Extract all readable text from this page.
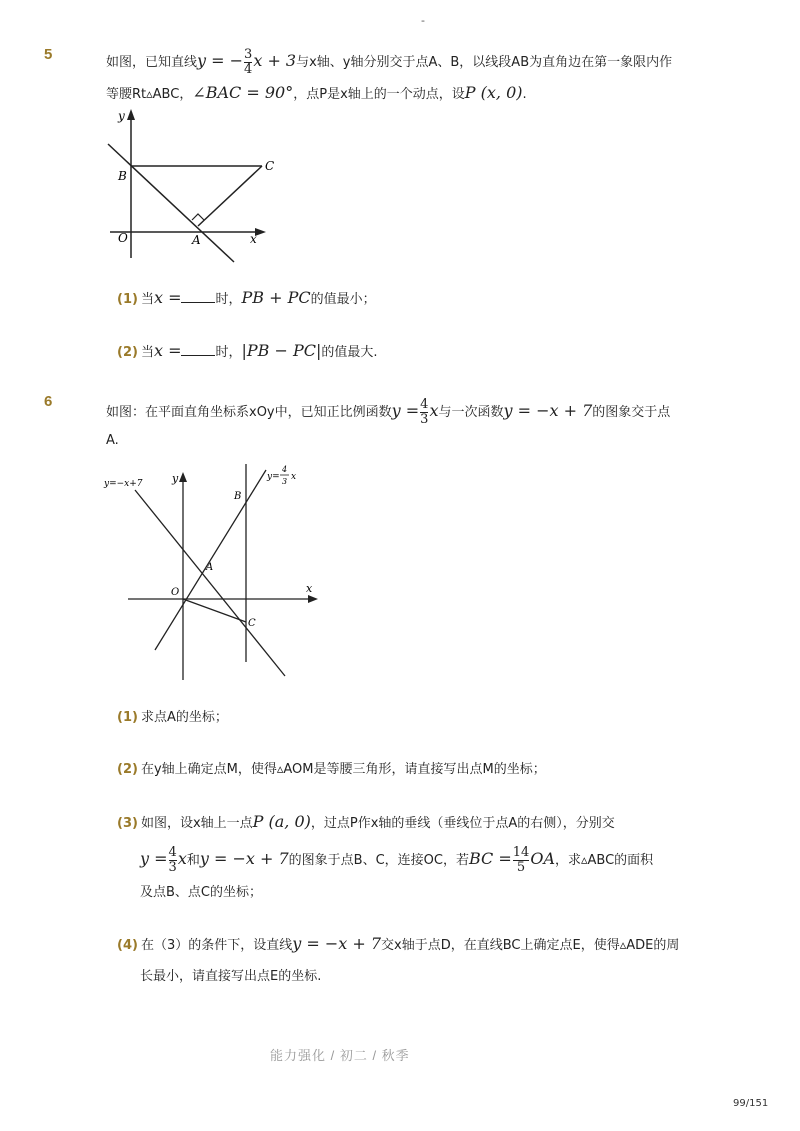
-
5	如图，已知直线y = − $\frac{3}{4}$ x + 3与x轴、y轴分别交于点A、B，以线段AB为直角边在第一象限内作
等腰Rt▵ABC，∠BAC = 90°，点P是x轴上的一个动点，设P (x, 0).
y
x
O	A
B
C
(1) 当x =	时，PB + PC的值最小；
(2) 当x =	时，|PB − PC|的值最大.
6
如图：在平面直角坐标系xOy中，已知正比例函数$y = \frac{4}{3}$ x与一次函数y = −x + 7的图象交于点
A.
y=−x+7
y=
4
3 x
y
x
O
A
B
C
(1) 求点A的坐标；
(2) 在y轴上确定点M，使得▵AOM是等腰三角形，请直接写出点M的坐标；
(3) 如图，设x轴上一点P (a, 0)，过点P作x轴的垂线（垂线位于点A的右侧），分别交
$y = \frac{4}{3}$ x和y = −x + 7的图象于点B、C，连接OC，若BC = $\frac{14}{5}$ OA，求▵ABC的面积
及点B、点C的坐标；
(4) 在（3）的条件下，设直线y = −x + 7交x轴于点D，在直线BC上确定点E，使得▵ADE的周
长最小，请直接写出点E的坐标.
能力强化 / 初二 / 秋季
99/151
